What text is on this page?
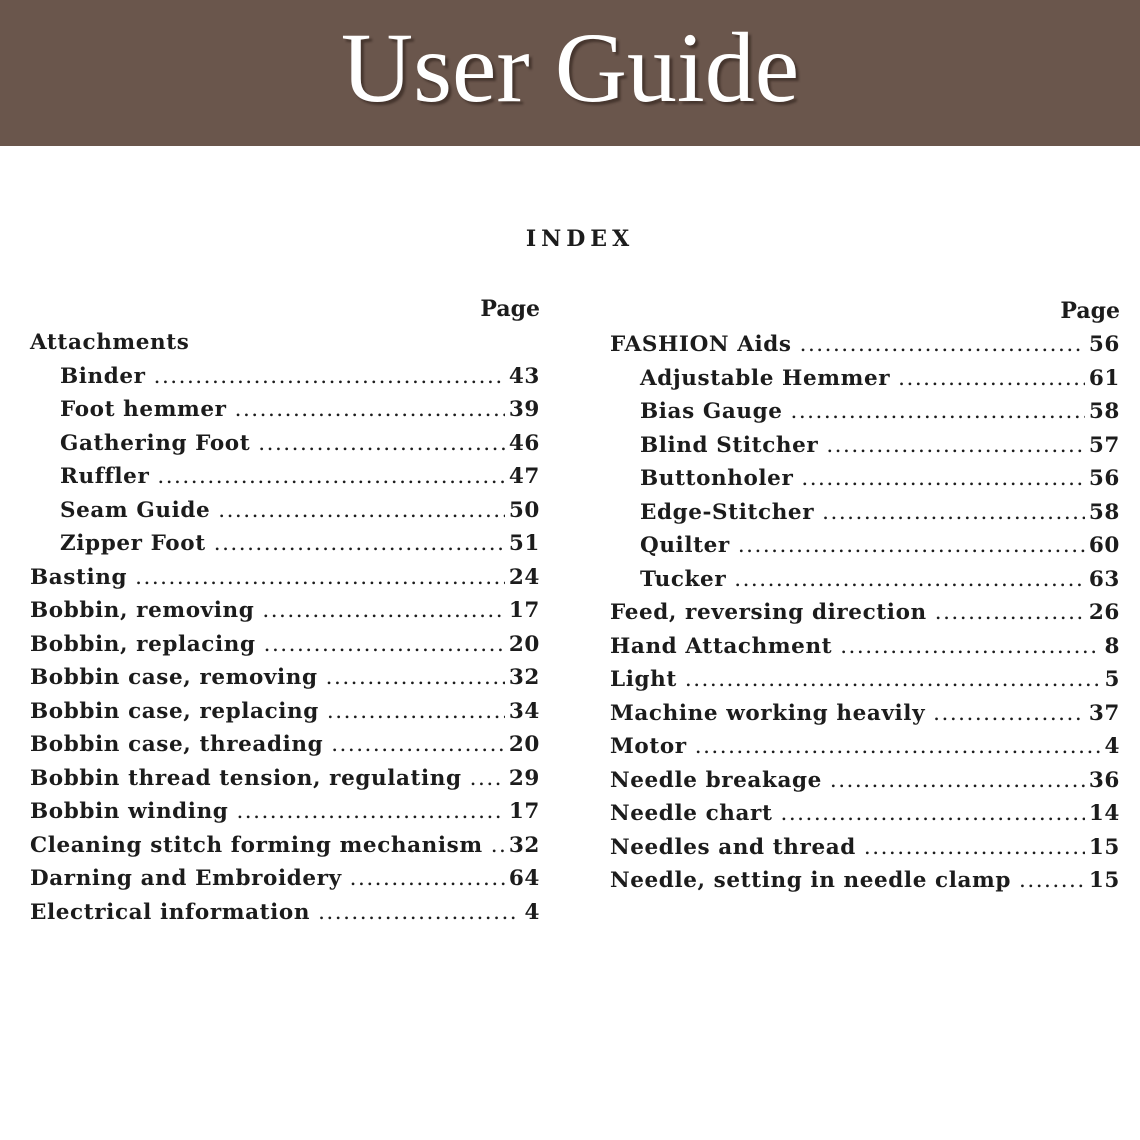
User Guide
INDEX
Page
Attachments
Binder .....	43
Foot hemmer .....	39
Gathering Foot .....	46
Ruffler .....	47
Seam Guide .....	50
Zipper Foot .....	51
Basting .....	24
Bobbin, removing .....	17
Bobbin, replacing .....	20
Bobbin case, removing .....	32
Bobbin case, replacing .....	34
Bobbin case, threading .....	20
Bobbin thread tension, regulating ..... 29
Bobbin winding .....	17
Cleaning stitch forming mechanism ..... 32
Darning and Embroidery .....	64
Electrical information .....	4
Page
FASHION Aids .....	56
Adjustable Hemmer .....	61
Bias Gauge .....	58
Blind Stitcher .....	57
Buttonholer .....	56
Edge-Stitcher .....	58
Quilter .....	60
Tucker .....	63
Feed, reversing direction .....	26
Hand Attachment .....	8
Light .....	5
Machine working heavily .....	37
Motor .....	4
Needle breakage .....	36
Needle chart .....	14
Needles and thread .....	15
Needle, setting in needle clamp .....	15
